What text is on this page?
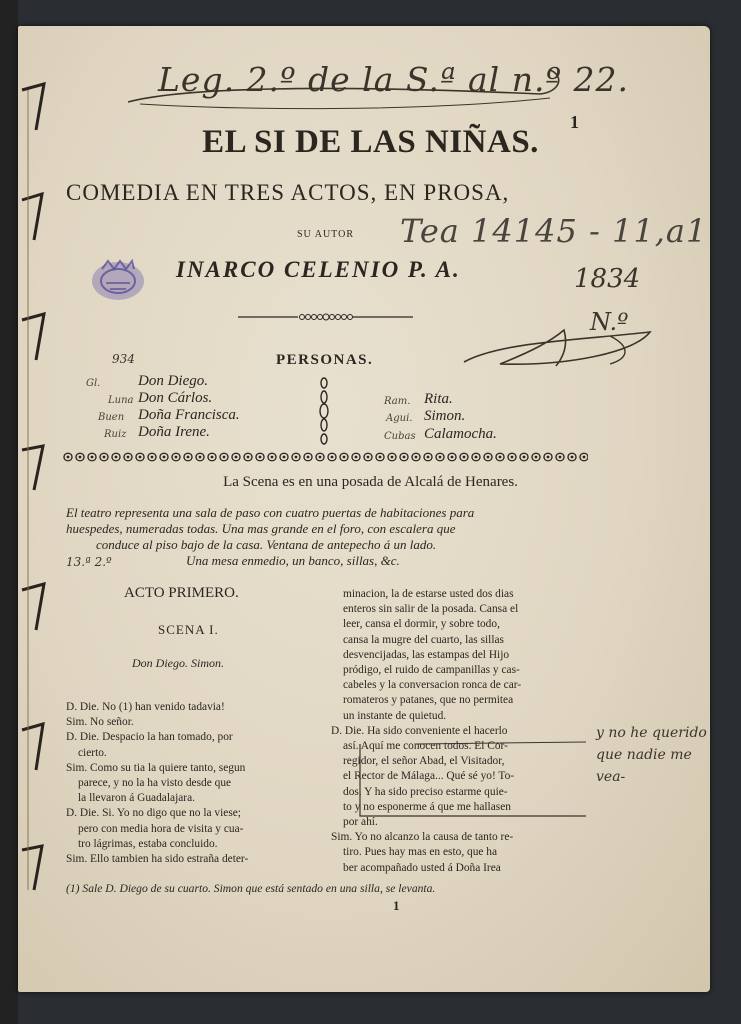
Leg. 2.º de la S.ª al n.º 22.
1
EL SI DE LAS NIÑAS.
COMEDIA EN TRES ACTOS, EN PROSA,
SU AUTOR Tea 14145 - 11,a1
INARCO CELENIO P. A.	1834
N.º
PERSONAS.
934
Gl.	Don Diego.
Luna Don Cárlos.
Buen Doña Francisca.
Ruiz Doña Irene.
Ram. Rita.
Agui. Simon.
Cubas Calamocha.
La Scena es en una posada de Alcalá de Henares.
El teatro representa una sala de paso con cuatro puertas de habitaciones para
huespedes, numeradas todas. Una mas grande en el foro, con escalera que
conduce al piso bajo de la casa. Ventana de antepecho á un lado.
Una mesa enmedio, un banco, sillas, &c.
13.ª 2.º
ACTO PRIMERO.
SCENA I.
Don Diego. Simon.
D. Die. No (1) han venido tadavia!
Sim. No señor.
D. Die. Despacio la han tomado, por
cierto.
Sim. Como su tia la quiere tanto, segun
parece, y no la ha visto desde que
la llevaron á Guadalajara.
D. Die. Si. Yo no digo que no la viese;
pero con media hora de visita y cua-
tro lágrimas, estaba concluido.
Sim. Ello tambien ha sido estraña deter-
minacion, la de estarse usted dos dias
enteros sin salir de la posada. Cansa el
leer, cansa el dormir, y sobre todo,
cansa la mugre del cuarto, las sillas
desvencijadas, las estampas del Hijo
pródigo, el ruido de campanillas y cas-
cabeles y la conversacion ronca de car-
romateros y patanes, que no permitea
un instante de quietud.
D. Die. Ha sido conveniente el hacerlo
así. Aquí me conocen todos. El Cor-
regidor, el señor Abad, el Visitador,
el Rector de Málaga... Qué sé yo! To-
dos. Y ha sido preciso estarme quie-
to y no esponerme á que me hallasen
por ahí.
Sim. Yo no alcanzo la causa de tanto re-
tiro. Pues hay mas en esto, que ha
ber acompañado usted á Doña Irea
y no he querido
que nadie me
vea-
(1) Sale D. Diego de su cuarto. Simon que está sentado en una silla, se levanta.
1
